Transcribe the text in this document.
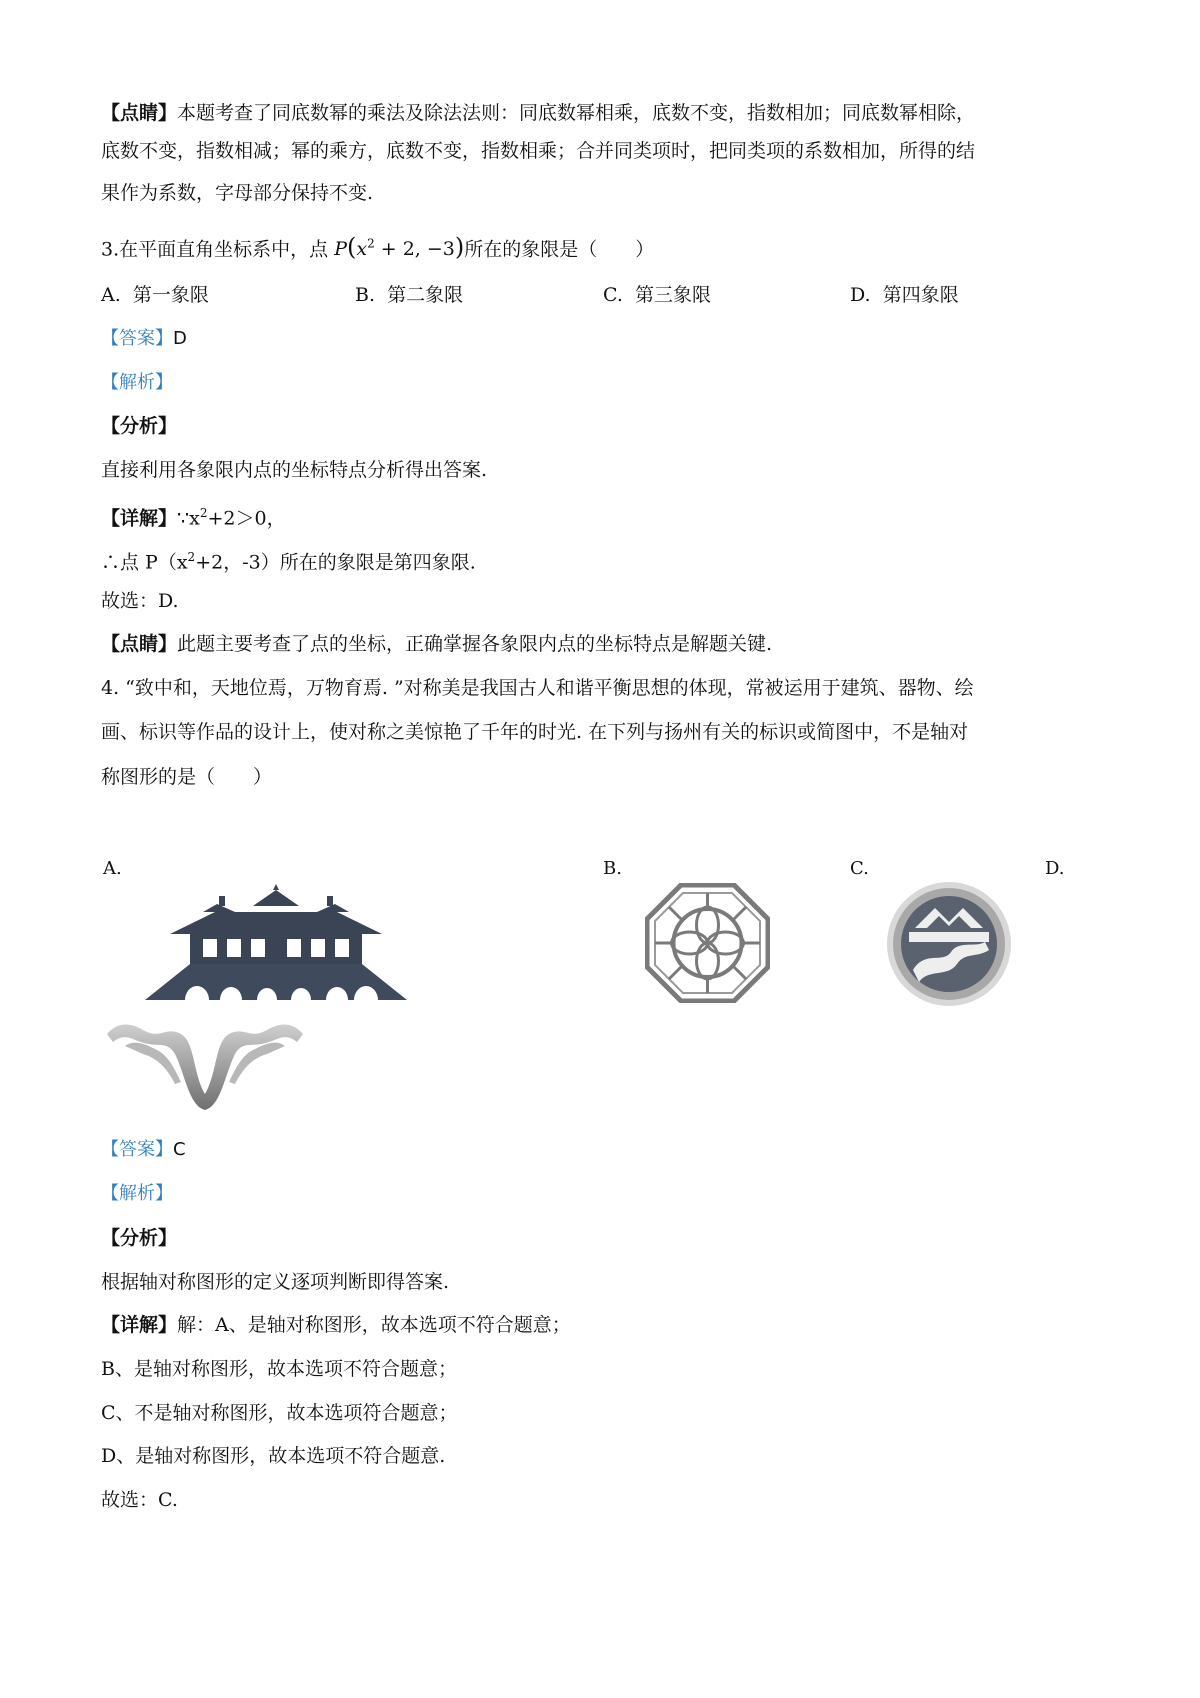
【点睛】本题考查了同底数幂的乘法及除法法则：同底数幂相乘，底数不变，指数相加；同底数幂相除，
底数不变，指数相减；幂的乘方，底数不变，指数相乘；合并同类项时，把同类项的系数相加，所得的结
果作为系数，字母部分保持不变.
3.在平面直角坐标系中，点 $P(x^2 + 2$, −3)所在的象限是（　　）
A. 第一象限	B. 第二象限	C. 第三象限	D. 第四象限
【答案】D
【解析】
【分析】
直接利用各象限内点的坐标特点分析得出答案.
【详解】$\because x^2+2>0$，
∴点 $P(x^2+2$，-3）所在的象限是第四象限.
故选：D.
【点睛】此题主要考查了点的坐标，正确掌握各象限内点的坐标特点是解题关键.
4. “致中和，天地位焉，万物育焉. ”对称美是我国古人和谐平衡思想的体现，常被运用于建筑、器物、绘
画、标识等作品的设计上，使对称之美惊艳了千年的时光. 在下列与扬州有关的标识或简图中，不是轴对
称图形的是（　　）
A.	B.	C.	D.
【答案】C
【解析】
【分析】
根据轴对称图形的定义逐项判断即得答案.
【详解】解：A、是轴对称图形，故本选项不符合题意；
B、是轴对称图形，故本选项不符合题意；
C、不是轴对称图形，故本选项符合题意；
D、是轴对称图形，故本选项不符合题意.
故选：C.
